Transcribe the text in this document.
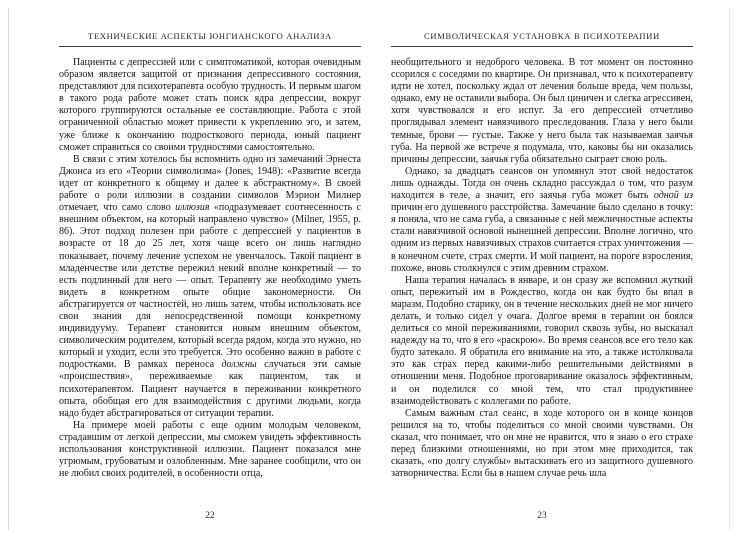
ТЕХНИЧЕСКИЕ АСПЕКТЫ ЮНГИАНСКОГО АНАЛИЗА

Пациенты с депрессией или с симптоматикой, которая очевидным образом является защитой от признания депрессивного состояния, представляют для психотерапевта особую трудность. И первым шагом в такого рода работе может стать поиск ядра депрессии, вокруг которого группируются остальные ее составляющие. Работа с этой ограниченной областью может привести к укреплению эго, и затем, уже ближе к окончанию подросткового периода, юный пациент сможет справиться со своими трудностями самостоятельно.

В связи с этим хотелось бы вспомнить одно из замечаний Эрнеста Джонса из его «Теории символизма» (Jones, 1948): «Развитие всегда идет от конкретного к общему и далее к абстрактному». В своей работе о роли иллюзии в создании символов Мэрион Милнер отмечает, что само слово иллюзия «подразумевает соотнесенность с внешним объектом, на который направлено чувство» (Milner, 1955, p. 86). Этот подход полезен при работе с депрессией у пациентов в возрасте от 18 до 25 лет, хотя чаще всего он лишь наглядно показывает, почему лечение успехом не увенчалось. Такой пациент в младенчестве или детстве пережил некий вполне конкретный — то есть подлинный для него — опыт. Терапевту же необходимо уметь видеть в конкретном опыте общие закономерности. Он абстрагируется от частностей, но лишь затем, чтобы использовать все свои знания для непосредственной помощи конкретному индивидууму. Терапевт становится новым внешним объектом, символическим родителем, который всегда рядом, когда это нужно, но который и уходит, если это требуется. Это особенно важно в работе с подростками. В рамках переноса должны случаться эти самые «происшествия», переживаемые как пациентом, так и психотерапевтом. Пациент научается в переживании конкретного опыта, обобщая его для взаимодействия с другими людьми, когда надо будет абстрагироваться от ситуации терапии.

На примере моей работы с еще одним молодым человеком, страдавшим от легкой депрессии, мы сможем увидеть эффективность использования конструктивной иллюзии. Пациент показался мне угрюмым, грубоватым и озлобленным. Мне заранее сообщили, что он не любил своих родителей, в особенности отца,

22
СИМВОЛИЧЕСКАЯ УСТАНОВКА В ПСИХОТЕРАПИИ

необщительного и недоброго человека. В тот момент он постоянно ссорился с соседями по квартире. Он признавал, что к психотерапевту идти не хотел, поскольку ждал от лечения больше вреда, чем пользы, однако, ему не оставили выбора. Он был циничен и слегка агрессивен, хотя чувствовался и его испуг. За его депрессией отчетливо проглядывал элемент навязчивого преследования. Глаза у него были темные, брови — густые. Также у него была так называемая заячья губа. На первой же встрече я подумала, что, каковы бы ни оказались причины депрессии, заячья губа обязательно сыграет свою роль.

Однако, за двадцать сеансов он упомянул этот свой недостаток лишь однажды. Тогда он очень складно рассуждал о том, что разум находится в теле, а значит, его заячья губа может быть одной из причин его душевного расстройства. Замечание было сделано в точку: я поняла, что не сама губа, а связанные с ней межличностные аспекты стали навязчивой основой нынешней депрессии. Вполне логично, что одним из первых навязчивых страхов считается страх уничтожения — в конечном счете, страх смерти. И мой пациент, на пороге взросления, похоже, вновь столкнулся с этим древним страхом.

Наша терапия началась в январе, и он сразу же вспомнил жуткий опыт, пережитый им в Рождество, когда он как будто бы впал в маразм. Подобно старику, он в течение нескольких дней не мог ничего делать, и только сидел у очага. Долгое время в терапии он боялся делиться со мной переживаниями, говорил сквозь зубы, но высказал надежду на то, что я его «раскрою». Во время сеансов все его тело как будто затекало. Я обратила его внимание на это, а также истолковала это как страх перед какими-либо решительными действиями в отношении меня. Подобное проговаривание оказалось эффективным, и он поделился со мной тем, что стал продуктивнее взаимодействовать с коллегами по работе.

Самым важным стал сеанс, в ходе которого он в конце концов решился на то, чтобы поделиться со мной своими чувствами. Он сказал, что понимает, что он мне не нравится, что я знаю о его страхе перед близкими отношениями, но при этом мне приходится, так сказать, «по долгу службы» вытаскивать его из защитного душевного затворничества. Если бы в нашем случае речь шла

23
